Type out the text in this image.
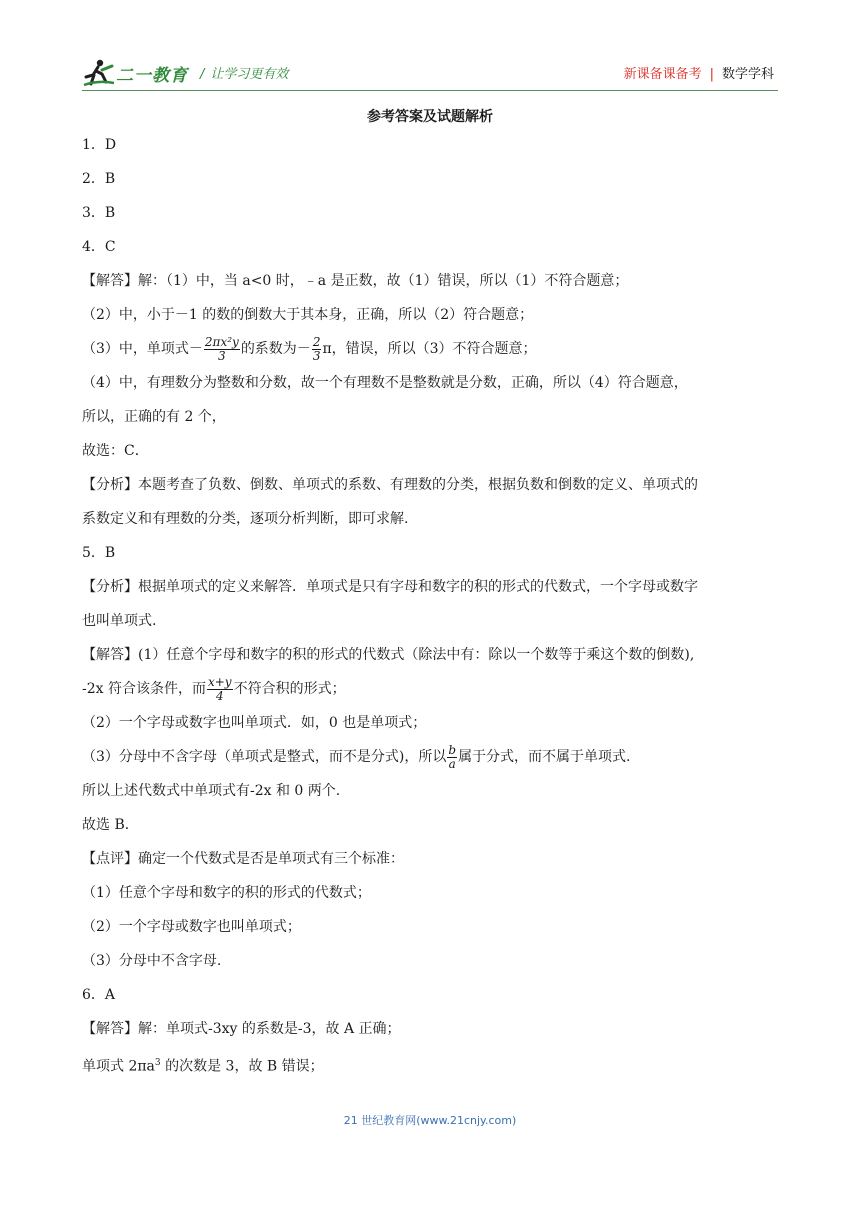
二一教育 / 让学习更有效	新课备课备考 | 数学学科
参考答案及试题解析

1．D

2．B

3．B

4．C

【解答】解：（1）中，当 a<0 时，﹣a 是正数，故（1）错误，所以（1）不符合题意；

（2）中，小于－1 的数的倒数大于其本身，正确，所以（2）符合题意；

（3）中，单项式－ $\frac{\text{2πx²y}}{3}$ 的系数为－ $\frac{2}{3}$ π，错误，所以（3）不符合题意；

（4）中，有理数分为整数和分数，故一个有理数不是整数就是分数，正确，所以（4）符合题意，

所以，正确的有 2 个，

故选：C．

【分析】本题考查了负数、倒数、单项式的系数、有理数的分类，根据负数和倒数的定义、单项式的

系数定义和有理数的分类，逐项分析判断，即可求解.

5．B

【分析】根据单项式的定义来解答．单项式是只有字母和数字的积的形式的代数式，一个字母或数字

也叫单项式.

【解答】(1）任意个字母和数字的积的形式的代数式（除法中有：除以一个数等于乘这个数的倒数),

-2x 符合该条件，而 $\frac{x+y}{4}$ 不符合积的形式；

（2）一个字母或数字也叫单项式．如，0 也是单项式；

（3）分母中不含字母（单项式是整式，而不是分式)，所以 $\frac{b}{a}$ 属于分式，而不属于单项式.

所以上述代数式中单项式有-2x 和 0 两个.

故选 B．

【点评】确定一个代数式是否是单项式有三个标准：

（1）任意个字母和数字的积的形式的代数式；

（2）一个字母或数字也叫单项式；

（3）分母中不含字母.

6．A

【解答】解：单项式-3xy 的系数是-3，故 A 正确；

单项式 $2\pi a^3$ 的次数是 3，故 B 错误；

21 世纪教育网(www.21cnjy.com)
